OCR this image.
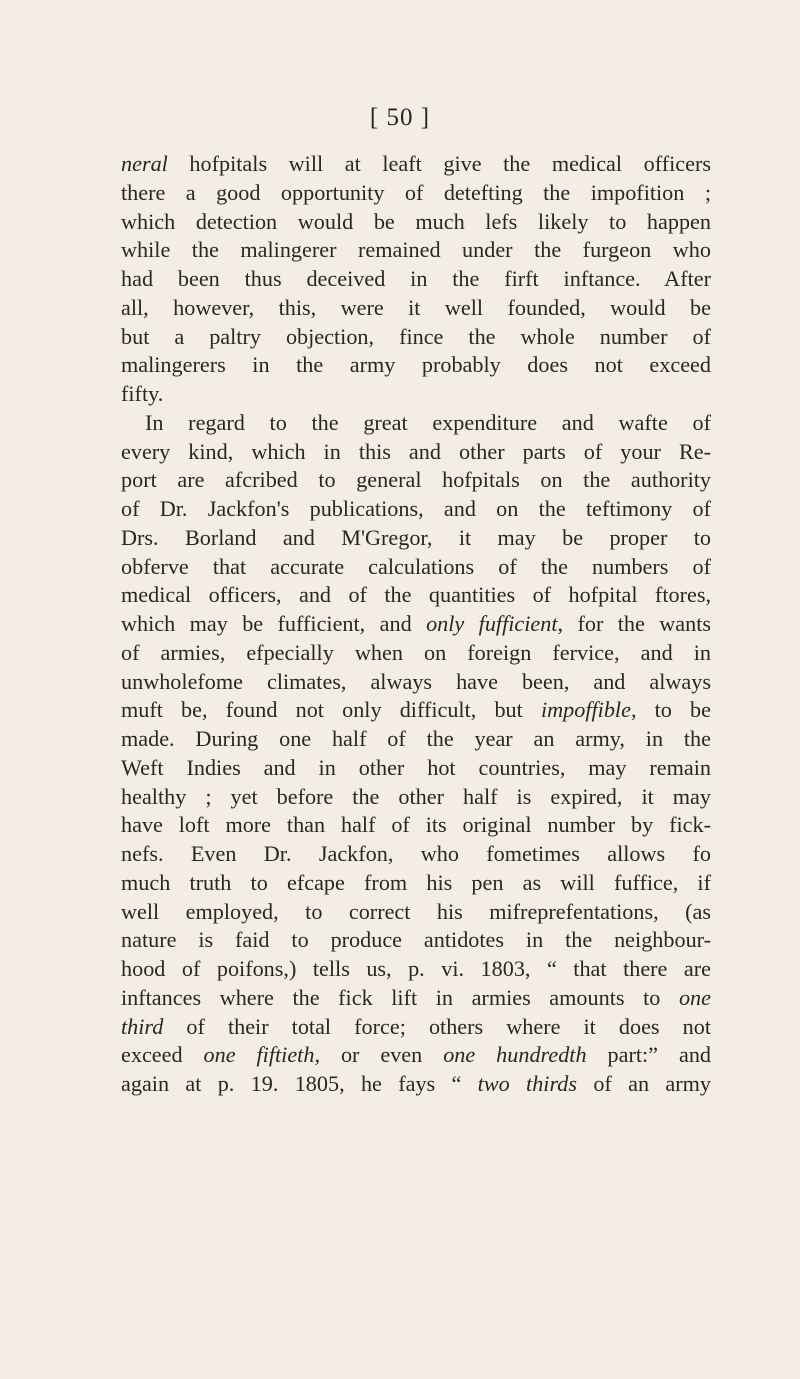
[ 50 ]
neral hofpitals will at leaft give the medical officers
there a good opportunity of detefting the impofition ;
which detection would be much lefs likely to happen
while the malingerer remained under the furgeon who
had been thus deceived in the firft inftance. After
all, however, this, were it well founded, would be
but a paltry objection, fince the whole number of
malingerers in the army probably does not exceed
fifty.
In regard to the great expenditure and wafte of
every kind, which in this and other parts of your Re-
port are afcribed to general hofpitals on the authority
of Dr. Jackfon's publications, and on the teftimony of
Drs. Borland and M'Gregor, it may be proper to
obferve that accurate calculations of the numbers of
medical officers, and of the quantities of hofpital ftores,
which may be fufficient, and only fufficient, for the wants
of armies, efpecially when on foreign fervice, and in
unwholefome climates, always have been, and always
muft be, found not only difficult, but impoffible, to be
made. During one half of the year an army, in the
Weft Indies and in other hot countries, may remain
healthy ; yet before the other half is expired, it may
have loft more than half of its original number by fick-
nefs. Even Dr. Jackfon, who fometimes allows fo
much truth to efcape from his pen as will fuffice, if
well employed, to correct his mifreprefentations, (as
nature is faid to produce antidotes in the neighbour-
hood of poifons,) tells us, p. vi. 1803, “ that there are
inftances where the fick lift in armies amounts to one
third of their total force; others where it does not
exceed one fiftieth, or even one hundredth part:” and
again at p. 19. 1805, he fays “ two thirds of an army
